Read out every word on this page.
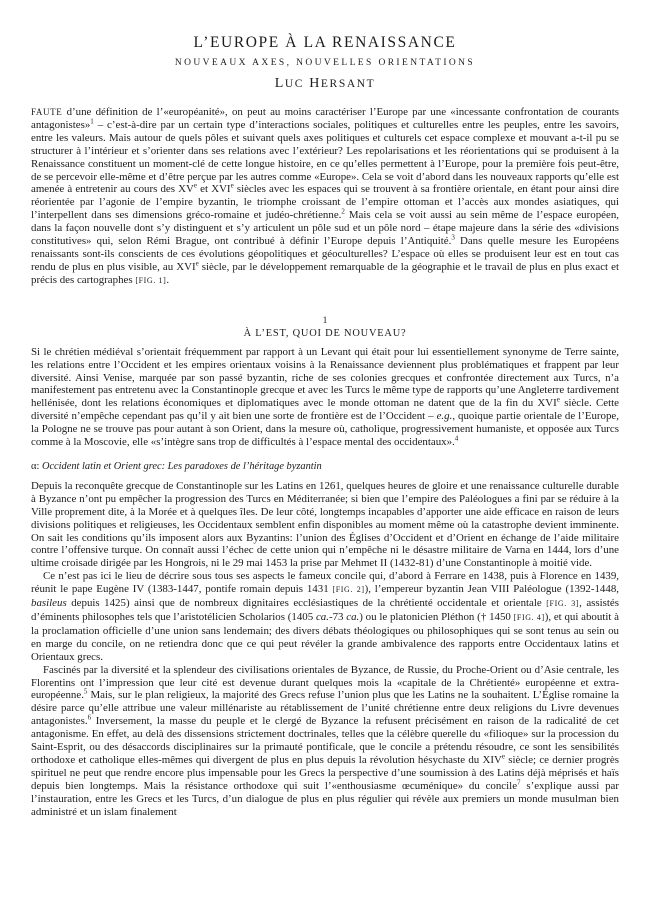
L’EUROPE À LA RENAISSANCE
NOUVEAUX AXES, NOUVELLES ORIENTATIONS
LUC HERSANT

FAUTE d’une définition de l’«européanité», on peut au moins caractériser l’Europe par une «incessante confrontation de courants antagonistes»$^1$ – c’est-à-dire par un certain type d’interactions sociales, politiques et culturelles entre les peuples, entre les savoirs, entre les valeurs. Mais autour de quels pôles et suivant quels axes politiques et culturels cet espace complexe et mouvant a-t-il pu se structurer à l’intérieur et s’orienter dans ses relations avec l’extérieur? Les repolarisations et les réorientations qui se produisent à la Renaissance constituent un moment-clé de cette longue histoire, en ce qu’elles permettent à l’Europe, pour la première fois peut-être, de se percevoir elle-même et d’être perçue par les autres comme «Europe». Cela se voit d’abord dans les nouveaux rapports qu’elle est amenée à entretenir au cours des XVe et XVIe siècles avec les espaces qui se trouvent à sa frontière orientale, en étant pour ainsi dire réorientée par l’agonie de l’empire byzantin, le triomphe croissant de l’empire ottoman et l’accès aux mondes asiatiques, qui l’interpellent dans ses dimensions gréco-romaine et judéo-chrétienne.$^2$ Mais cela se voit aussi au sein même de l’espace européen, dans la façon nouvelle dont s’y distinguent et s’y articulent un pôle sud et un pôle nord – étape majeure dans la série des «divisions constitutives» qui, selon Rémi Brague, ont contribué à définir l’Europe depuis l’Antiquité.$^3$ Dans quelle mesure les Européens renaissants sont-ils conscients de ces évolutions géopolitiques et géoculturelles? L’espace où elles se produisent leur est en tout cas rendu de plus en plus visible, au XVIe siècle, par le développement remarquable de la géographie et le travail de plus en plus exact et précis des cartographes [FIG. 1].

1
À L’EST, QUOI DE NOUVEAU?

Si le chrétien médiéval s’orientait fréquemment par rapport à un Levant qui était pour lui essentiellement synonyme de Terre sainte, les relations entre l’Occident et les empires orientaux voisins à la Renaissance deviennent plus problématiques et frappent par leur diversité. Ainsi Venise, marquée par son passé byzantin, riche de ses colonies grecques et confrontée directement aux Turcs, n’a manifestement pas entretenu avec la Constantinople grecque et avec les Turcs le même type de rapports qu’une Angleterre tardivement hellénisée, dont les relations économiques et diplomatiques avec le monde ottoman ne datent que de la fin du XVIe siècle. Cette diversité n’empêche cependant pas qu’il y ait bien une sorte de frontière est de l’Occident – e.g., quoique partie orientale de l’Europe, la Pologne ne se trouve pas pour autant à son Orient, dans la mesure où, catholique, progressivement humaniste, et opposée aux Turcs comme à la Moscovie, elle «s’intègre sans trop de difficultés à l’espace mental des occidentaux».$^4$

α: Occident latin et Orient grec: Les paradoxes de l’héritage byzantin

Depuis la reconquête grecque de Constantinople sur les Latins en 1261, quelques heures de gloire et une renaissance culturelle durable à Byzance n’ont pu empêcher la progression des Turcs en Méditerranée; si bien que l’empire des Paléologues a fini par se réduire à la Ville proprement dite, à la Morée et à quelques îles. De leur côté, longtemps incapables d’apporter une aide efficace en raison de leurs divisions politiques et religieuses, les Occidentaux semblent enfin disponibles au moment même où la catastrophe devient imminente. On sait les conditions qu’ils imposent alors aux Byzantins: l’union des Églises d’Occident et d’Orient en échange de l’aide militaire contre l’offensive turque. On connaît aussi l’échec de cette union qui n’empêche ni le désastre militaire de Varna en 1444, lors d’une ultime croisade dirigée par les Hongrois, ni le 29 mai 1453 la prise par Mehmet II (1432-81) d’une Constantinople à moitié vide.

Ce n’est pas ici le lieu de décrire sous tous ses aspects le fameux concile qui, d’abord à Ferrare en 1438, puis à Florence en 1439, réunit le pape Eugène IV (1383-1447, pontife romain depuis 1431 [FIG. 2]), l’empereur byzantin Jean VIII Paléologue (1392-1448, basileus depuis 1425) ainsi que de nombreux dignitaires ecclésiastiques de la chrétienté occidentale et orientale [FIG. 3], assistés d’éminents philosophes tels que l’aristotélicien Scholarios (1405 ca.-73 ca.) ou le platonicien Pléthon († 1450 [FIG. 4]), et qui aboutit à la proclamation officielle d’une union sans lendemain; des divers débats théologiques ou philosophiques qui se sont tenus au sein ou en marge du concile, on ne retiendra donc que ce qui peut révéler la grande ambivalence des rapports entre Occidentaux latins et Orientaux grecs.

Fascinés par la diversité et la splendeur des civilisations orientales de Byzance, de Russie, du Proche-Orient ou d’Asie centrale, les Florentins ont l’impression que leur cité est devenue durant quelques mois la «capitale de la Chrétienté» européenne et extra-européenne.$^5$ Mais, sur le plan religieux, la majorité des Grecs refuse l’union plus que les Latins ne la souhaitent. L’Église romaine la désire parce qu’elle attribue une valeur millénariste au rétablissement de l’unité chrétienne entre deux religions du Livre devenues antagonistes.$^6$ Inversement, la masse du peuple et le clergé de Byzance la refusent précisément en raison de la radicalité de cet antagonisme. En effet, au delà des dissensions strictement doctrinales, telles que la célèbre querelle du «filioque» sur la procession du Saint-Esprit, ou des désaccords disciplinaires sur la primauté pontificale, que le concile a prétendu résoudre, ce sont les sensibilités orthodoxe et catholique elles-mêmes qui divergent de plus en plus depuis la révolution hésychaste du XIVe siècle; ce dernier progrès spirituel ne peut que rendre encore plus impensable pour les Grecs la perspective d’une soumission à des Latins déjà méprisés et haïs depuis bien longtemps. Mais la résistance orthodoxe qui suit l’«enthousiasme œcuménique» du concile$^7$ s’explique aussi par l’instauration, entre les Grecs et les Turcs, d’un dialogue de plus en plus régulier qui révèle aux premiers un monde musulman bien administré et un islam finalement
